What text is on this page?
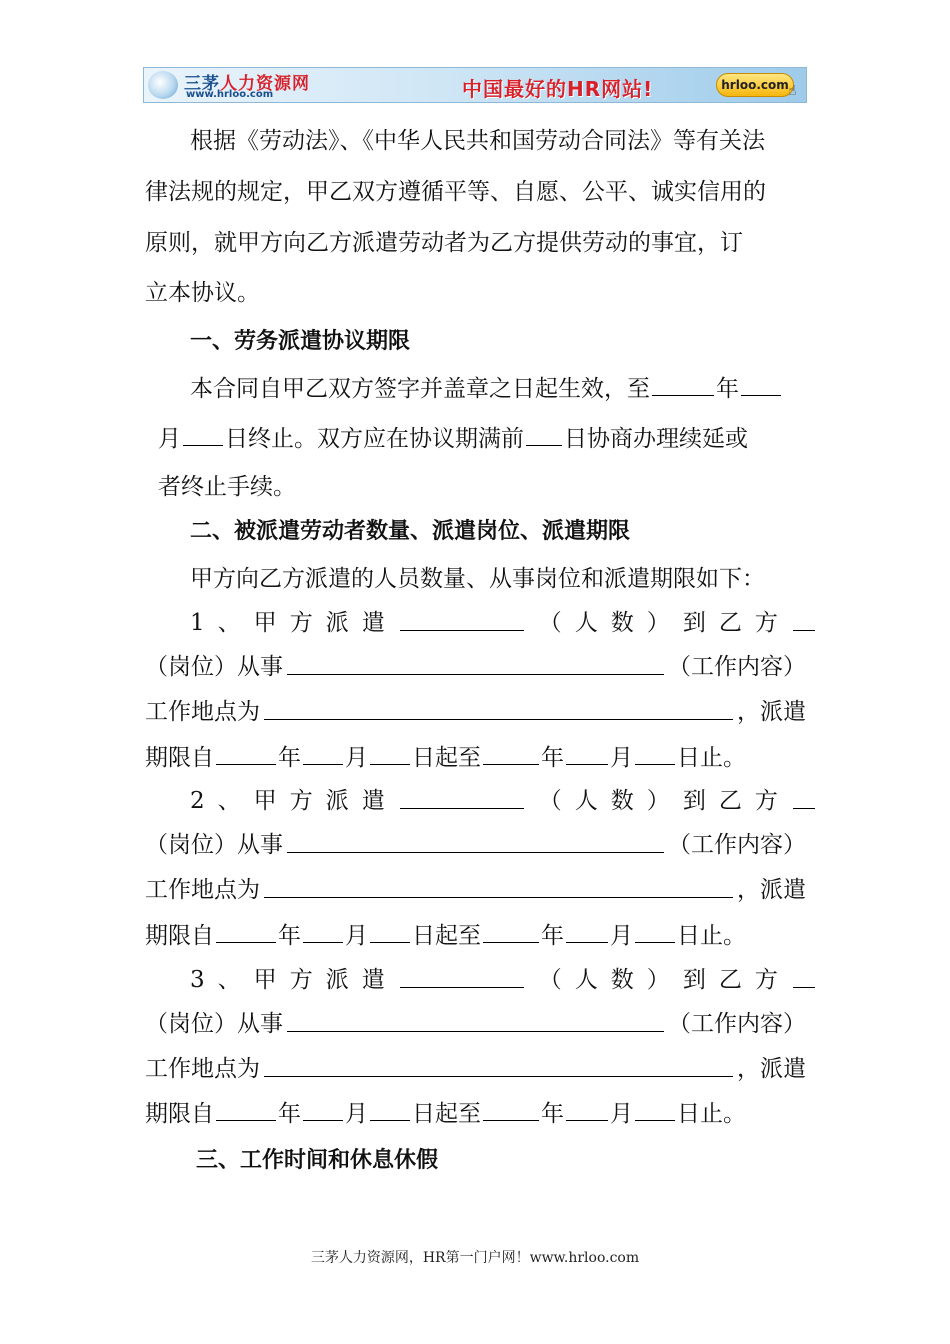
三茅人力资源网
www.hrloo.com	中国最好的HR网站!	hrloo.com ☝
根据《劳动法》、《中华人民共和国劳动合同法》等有关法
律法规的规定，甲乙双方遵循平等、自愿、公平、诚实信用的
原则，就甲方向乙方派遣劳动者为乙方提供劳动的事宜，订
立本协议。
一、劳务派遣协议期限
本合同自甲乙双方签字并盖章之日起生效，至	年
月 日终止。双方应在协议期满前 日协商办理续延或
者终止手续。
二、被派遣劳动者数量、派遣岗位、派遣期限
甲方向乙方派遣的人员数量、从事岗位和派遣期限如下：
1 、 甲 方 派 遣	（ 人 数 ） 到 乙 方
（岗位）从事	（工作内容）
工作地点为	，派遣
期限自	年 月 日起至	年 月 日止。
2 、 甲 方 派 遣	（ 人 数 ） 到 乙 方
（岗位）从事	（工作内容）
工作地点为	，派遣
期限自	年 月 日起至	年 月 日止。
3 、 甲 方 派 遣	（ 人 数 ） 到 乙 方
（岗位）从事	（工作内容）
工作地点为	，派遣
期限自	年 月 日起至	年 月 日止。
三、工作时间和休息休假
三茅人力资源网，HR第一门户网！www.hrloo.com
